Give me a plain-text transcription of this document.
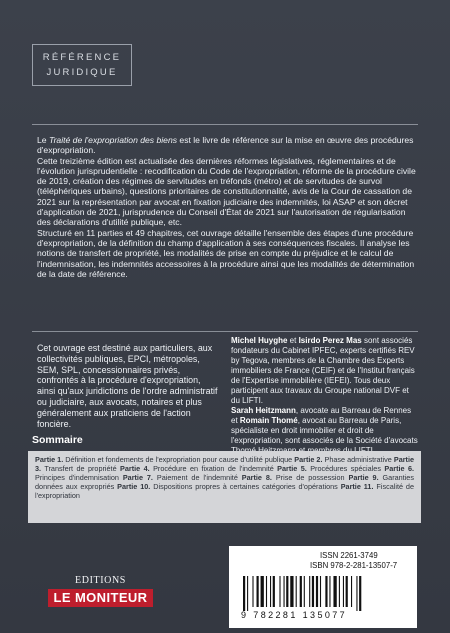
RÉFÉRENCE
JURIDIQUE

Le Traité de l'expropriation des biens est le livre de référence sur la mise en œuvre des procédures d'expropriation.

Cette treizième édition est actualisée des dernières réformes législatives, réglementaires et de l'évolution jurisprudentielle : recodification du Code de l'expropriation, réforme de la procédure civile de 2019, création des régimes de servitudes en tréfonds (métro) et de servitudes de survol (téléphériques urbains), questions prioritaires de constitutionnalité, avis de la Cour de cassation de 2021 sur la représentation par avocat en fixation judiciaire des indemnités, loi ASAP et son décret d'application de 2021, jurisprudence du Conseil d'État de 2021 sur l'autorisation de régularisation des déclarations d'utilité publique, etc.

Structuré en 11 parties et 49 chapitres, cet ouvrage détaille l'ensemble des étapes d'une procédure d'expropriation, de la définition du champ d'application à ses conséquences fiscales. Il analyse les notions de transfert de propriété, les modalités de prise en compte du préjudice et le calcul de l'indemnisation, les indemnités accessoires à la procédure ainsi que les modalités de détermination de la date de référence.

Cet ouvrage est destiné aux particuliers, aux collectivités publiques, EPCI, métropoles, SEM, SPL, concessionnaires privés, confrontés à la procédure d'expropriation, ainsi qu'aux juridictions de l'ordre administratif ou judiciaire, aux avocats, notaires et plus généralement aux praticiens de l'action foncière.

Michel Huyghe et Isirdo Perez Mas sont associés fondateurs du Cabinet IPFEC, experts certifiés REV by Tegova, membres de la Chambre des Experts immobiliers de France (CEIF) et de l'Institut français de l'Expertise immobilière (IEFEI). Tous deux participent aux travaux du Groupe national DVF et du LIFTI.

Sarah Heitzmann, avocate au Barreau de Rennes et Romain Thomé, avocat au Barreau de Paris, spécialiste en droit immobilier et droit de l'expropriation, sont associés de la Société d'avocats

Sommaire

Partie 1. Définition et fondements de l'expropriation pour cause d'utilité publique Partie 2. Phase administrative Partie 3. Transfert de propriété Partie 4. Procédure en fixation de l'indemnité Partie 5. Procédures spéciales Partie 6. Principes d'indemnisation Partie 7. Paiement de l'indemnité Partie 8. Prise de possession Partie 9. Garanties données aux expropriés Partie 10. Dispositions propres à certaines catégories d'opérations Partie 11. Fiscalité de l'expropriation

EDITIONS
LE MONITEUR
ISSN 2261-3749
ISBN 978-2-281-13507-7
9 782281 135077
